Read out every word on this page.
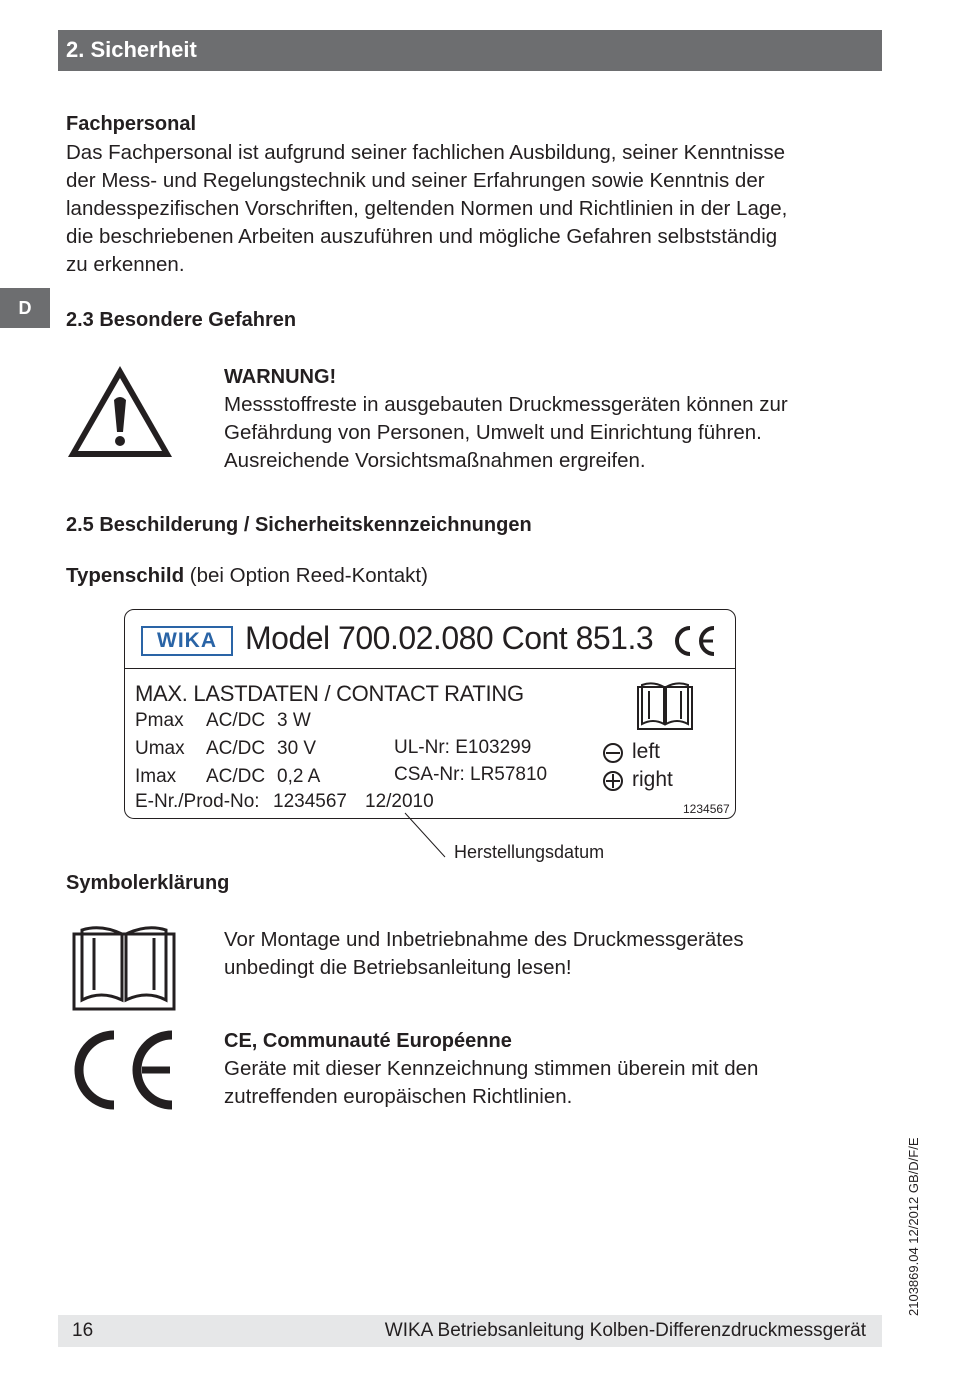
2. Sicherheit
D
Fachpersonal
Das Fachpersonal ist aufgrund seiner fachlichen Ausbildung, seiner Kenntnisse
der Mess- und Regelungstechnik und seiner Erfahrungen sowie Kenntnis der
landesspezifischen Vorschriften, geltenden Normen und Richtlinien in der Lage,
die beschriebenen Arbeiten auszuführen und mögliche Gefahren selbstständig
zu erkennen.
2.3 Besondere Gefahren
WARNUNG!
Messstoffreste in ausgebauten Druckmessgeräten können zur
Gefährdung von Personen, Umwelt und Einrichtung führen.
Ausreichende Vorsichtsmaßnahmen ergreifen.
2.5 Beschilderung / Sicherheitskennzeichnungen
Typenschild (bei Option Reed-Kontakt)
WIKA Model 700.02.080 Cont 851.3
MAX. LASTDATEN / CONTACT RATING
Pmax AC/DC 3 W
Umax AC/DC 30 V	UL-Nr: E103299
Imax AC/DC 0,2 A	CSA-Nr: LR57810
E-Nr./Prod-No: 1234567 12/2010	1234567
left
right
Herstellungsdatum
Symbolerklärung
Vor Montage und Inbetriebnahme des Druckmessgerätes
unbedingt die Betriebsanleitung lesen!
CE, Communauté Européenne
Geräte mit dieser Kennzeichnung stimmen überein mit den
zutreffenden europäischen Richtlinien.
2103869.04 12/2012 GB/D/F/E
16	WIKA Betriebsanleitung Kolben-Differenzdruckmessgerät
